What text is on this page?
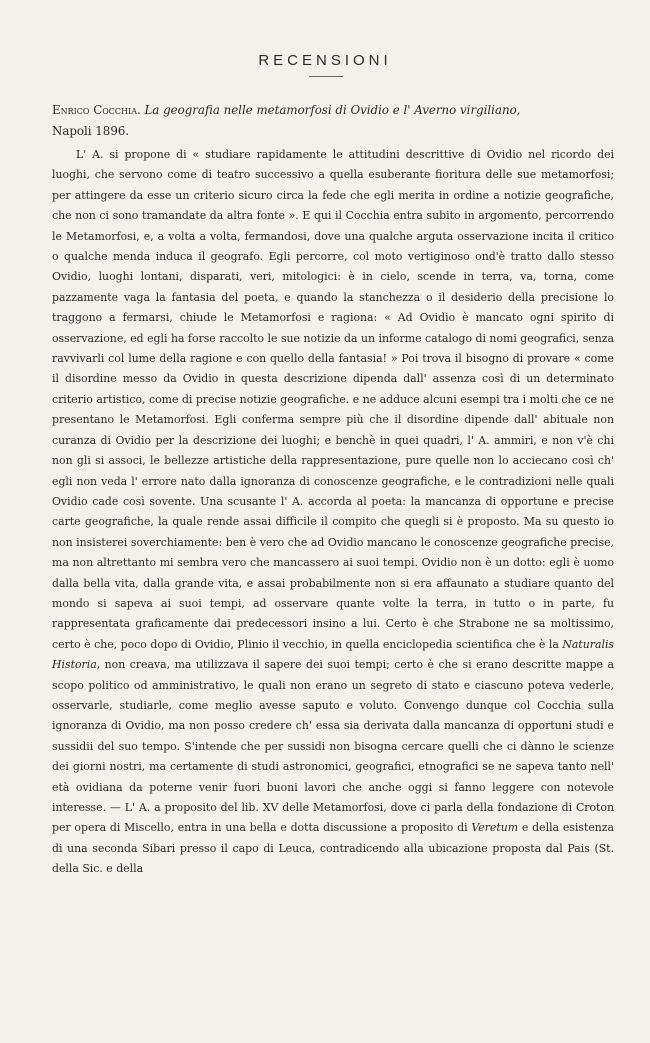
RECENSIONI
Enrico Cocchia. La geografia nelle metamorfosi di Ovidio e l' Averno virgiliano,
Napoli 1896.

L' A. si propone di « studiare rapidamente le attitudini descrittive di Ovidio nel ricordo dei luoghi, che servono come di teatro successivo a quella esuberante fioritura delle sue metamorfosi; per attingere da esse un criterio sicuro circa la fede che egli merita in ordine a notizie geografiche, che non ci sono tramandate da altra fonte ». E qui il Cocchia entra subito in argomento, percorrendo le Metamorfosi, e, a volta a volta, fermandosi, dove una qualche arguta osservazione incita il critico o qualche menda induca il geografo. Egli percorre, col moto vertiginoso ond'è tratto dallo stesso Ovidio, luoghi lontani, disparati, veri, mitologici: è in cielo, scende in terra, va, torna, come pazzamente vaga la fantasia del poeta, e quando la stanchezza o il desiderio della precisione lo traggono a fermarsi, chiude le Metamorfosi e ragiona: « Ad Ovidio è mancato ogni spirito di osservazione, ed egli ha forse raccolto le sue notizie da un informe catalogo di nomi geografici, senza ravvivarli col lume della ragione e con quello della fantasia! » Poi trova il bisogno di provare « come il disordine messo da Ovidio in questa descrizione dipenda dall' assenza così di un determinato criterio artistico, come di precise notizie geografiche. e ne adduce alcuni esempi tra i molti che ce ne presentano le Metamorfosi. Egli conferma sempre più che il disordine dipende dall' abituale non curanza di Ovidio per la descrizione dei luoghi; e benchè in quei quadri, l' A. ammiri, e non v'è chi non gli si associ, le bellezze artistiche della rappresentazione, pure quelle non lo acciecano così ch' egli non veda l' errore nato dalla ignoranza di conoscenze geografiche, e le contradizioni nelle quali Ovidio cade così sovente. Una scusante l' A. accorda al poeta: la mancanza di opportune e precise carte geografiche, la quale rende assai difficile il compito che quegli si è proposto. Ma su questo io non insisterei soverchiamente: ben è vero che ad Ovidio mancano le conoscenze geografiche precise, ma non altrettanto mi sembra vero che mancassero ai suoi tempi. Ovidio non è un dotto: egli è uomo dalla bella vita, dalla grande vita, e assai probabilmente non si era affaunato a studiare quanto del mondo si sapeva ai suoi tempi, ad osservare quante volte la terra, in tutto o in parte, fu rappresentata graficamente dai predecessori insino a lui. Certo è che Strabone ne sa moltissimo, certo è che, poco dopo di Ovidio, Plinio il vecchio, in quella enciclopedia scientifica che è la Naturalis Historia, non creava, ma utilizzava il sapere dei suoi tempi; certo è che si erano descritte mappe a scopo politico od amministrativo, le quali non erano un segreto di stato e ciascuno poteva vederle, osservarle, studiarle, come meglio avesse saputo e voluto. Convengo dunque col Cocchia sulla ignoranza di Ovidio, ma non posso credere ch' essa sia derivata dalla mancanza di opportuni studi e sussidii del suo tempo. S'intende che per sussidi non bisogna cercare quelli che ci dànno le scienze dei giorni nostri, ma certamente di studi astronomici, geografici, etnografici se ne sapeva tanto nell' età ovidiana da poterne venir fuori buoni lavori che anche oggi si fanno leggere con notevole interesse. — L' A. a proposito del lib. XV delle Metamorfosi, dove ci parla della fondazione di Croton per opera di Miscello, entra in una bella e dotta discussione a proposito di Veretum e della esistenza di una seconda Sibari presso il capo di Leuca, contradicendo alla ubicazione proposta dal Pais (St. della Sic. e della
